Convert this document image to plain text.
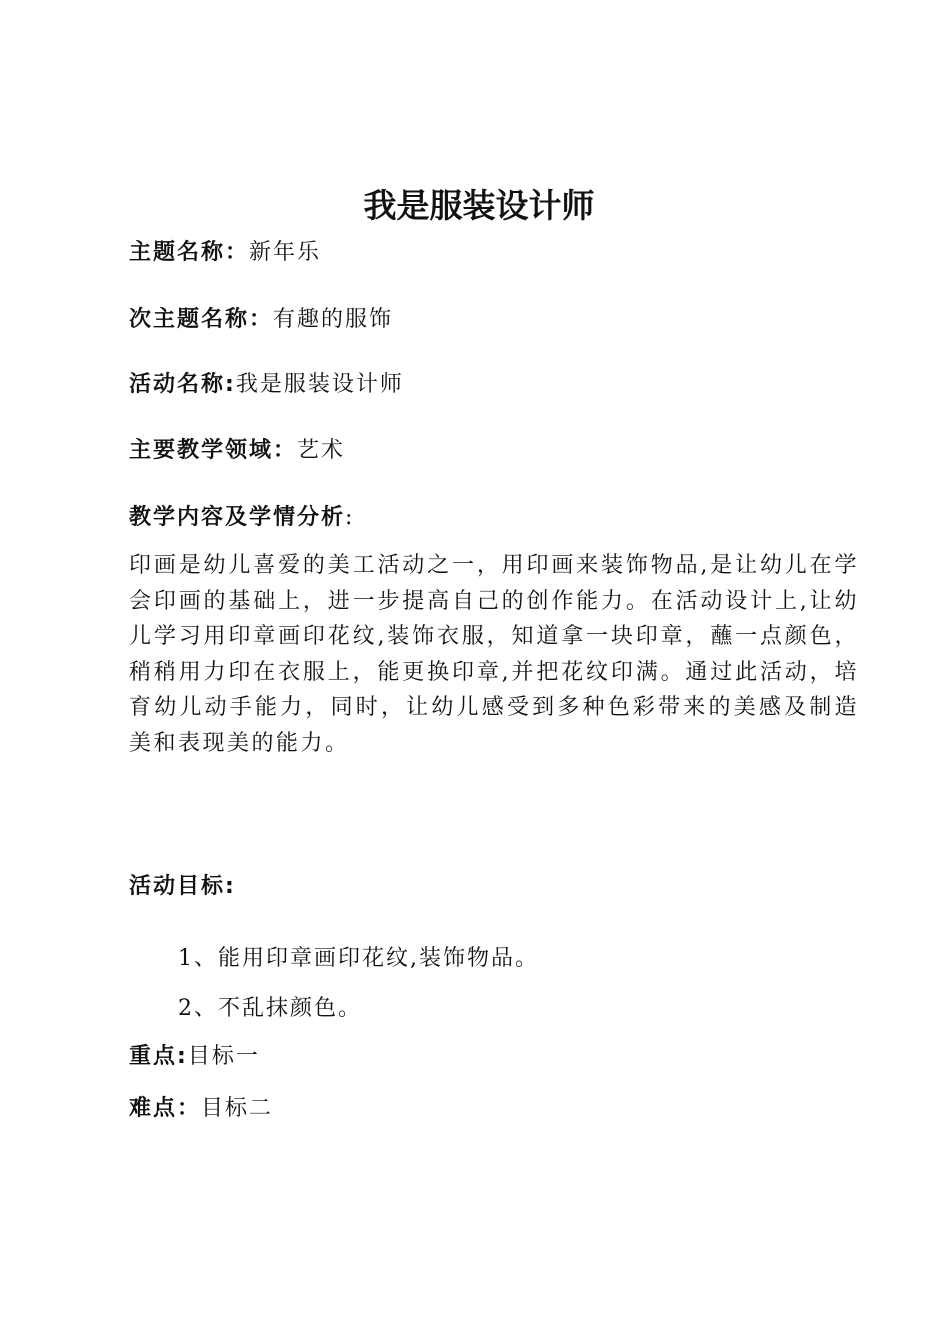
我是服装设计师
主题名称：新年乐
次主题名称：有趣的服饰
活动名称:我是服装设计师
主要教学领域：艺术
教学内容及学情分析:
印画是幼儿喜爱的美工活动之一，用印画来装饰物品,是让幼儿在学会印画的基础上，进一步提高自己的创作能力。在活动设计上,让幼儿学习用印章画印花纹,装饰衣服，知道拿一块印章，蘸一点颜色，稍稍用力印在衣服上，能更换印章,并把花纹印满。通过此活动，培育幼儿动手能力，同时，让幼儿感受到多种色彩带来的美感及制造美和表现美的能力。
活动目标:
1、能用印章画印花纹,装饰物品。
2、不乱抹颜色。
重点:目标一
难点：目标二
